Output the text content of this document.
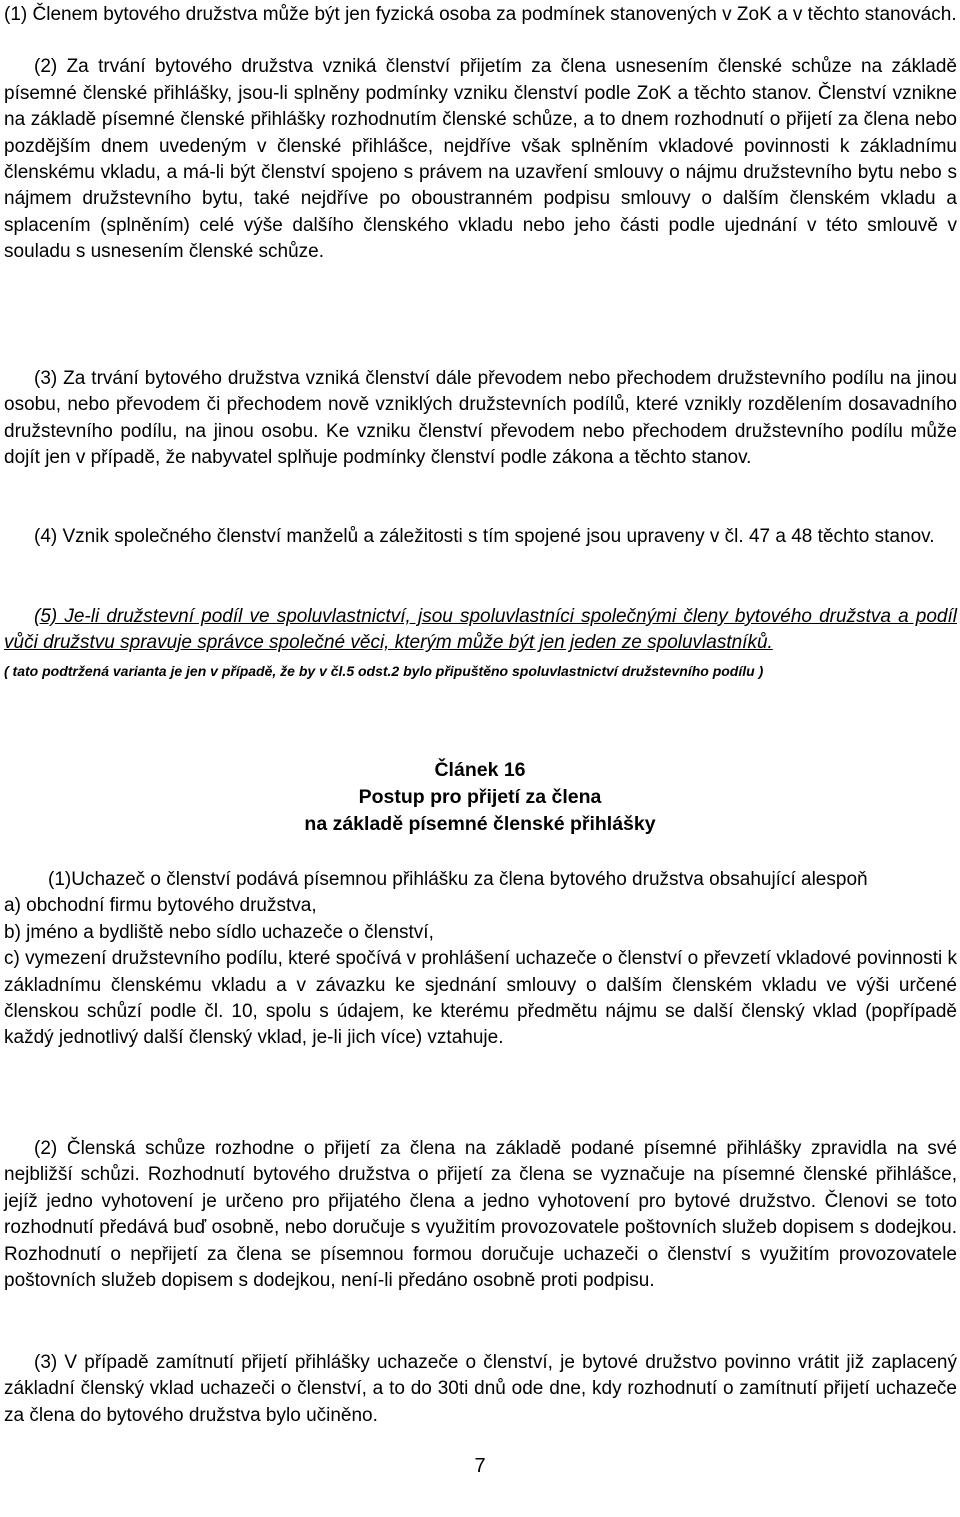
(1) Členem bytového družstva může být jen fyzická osoba za podmínek stanovených v ZoK a v těchto stanovách.

(2) Za trvání bytového družstva vzniká členství přijetím za člena usnesením členské schůze na základě písemné členské přihlášky, jsou-li splněny podmínky vzniku členství podle ZoK a těchto stanov. Členství vznikne na základě písemné členské přihlášky rozhodnutím členské schůze, a to dnem rozhodnutí o přijetí za člena nebo pozdějším dnem uvedeným v členské přihlášce, nejdříve však splněním vkladové povinnosti k základnímu členskému vkladu, a má-li být členství spojeno s právem na uzavření smlouvy o nájmu družstevního bytu nebo s nájmem družstevního bytu, také nejdříve po oboustranném podpisu smlouvy o dalším členském vkladu a splacením (splněním) celé výše dalšího členského vkladu nebo jeho části podle ujednání v této smlouvě v souladu s usnesením členské schůze.

(3) Za trvání bytového družstva vzniká členství dále převodem nebo přechodem družstevního podílu na jinou osobu, nebo převodem či přechodem nově vzniklých družstevních podílů, které vznikly rozdělením dosavadního družstevního podílu, na jinou osobu. Ke vzniku členství převodem nebo přechodem družstevního podílu může dojít jen v případě, že nabyvatel splňuje podmínky členství podle zákona a těchto stanov.

(4) Vznik společného členství manželů a záležitosti s tím spojené jsou upraveny v čl. 47 a 48 těchto stanov.

(5) Je-li družstevní podíl ve spoluvlastnictví, jsou spoluvlastníci společnými členy bytového družstva a podíl vůči družstvu spravuje správce společné věci, kterým může být jen jeden ze spoluvlastníků.

( tato podtržená varianta je jen v případě, že by v čl.5 odst.2 bylo připuštěno spoluvlastnictví družstevního podílu )

Článek 16

Postup pro přijetí za člena

na základě písemné členské přihlášky

(1)Uchazeč o členství podává písemnou přihlášku za člena bytového družstva obsahující alespoň

a) obchodní firmu bytového družstva,

b) jméno a bydliště nebo sídlo uchazeče o členství,

c) vymezení družstevního podílu, které spočívá v prohlášení uchazeče o členství o převzetí vkladové povinnosti k základnímu členskému vkladu a v závazku ke sjednání smlouvy o dalším členském vkladu ve výši určené členskou schůzí podle čl. 10, spolu s údajem, ke kterému předmětu nájmu se další členský vklad (popřípadě každý jednotlivý další členský vklad, je-li jich více) vztahuje.

(2) Členská schůze rozhodne o přijetí za člena na základě podané písemné přihlášky zpravidla na své nejbližší schůzi. Rozhodnutí bytového družstva o přijetí za člena se vyznačuje na písemné členské přihlášce, jejíž jedno vyhotovení je určeno pro přijatého člena a jedno vyhotovení pro bytové družstvo. Členovi se toto rozhodnutí předává buď osobně, nebo doručuje s využitím provozovatele poštovních služeb dopisem s dodejkou. Rozhodnutí o nepřijetí za člena se písemnou formou doručuje uchazeči o členství s využitím provozovatele poštovních služeb dopisem s dodejkou, není-li předáno osobně proti podpisu.

(3) V případě zamítnutí přijetí přihlášky uchazeče o členství, je bytové družstvo povinno vrátit již zaplacený základní členský vklad uchazeči o členství, a to do 30ti dnů ode dne, kdy rozhodnutí o zamítnutí přijetí uchazeče za člena do bytového družstva bylo učiněno.

7
